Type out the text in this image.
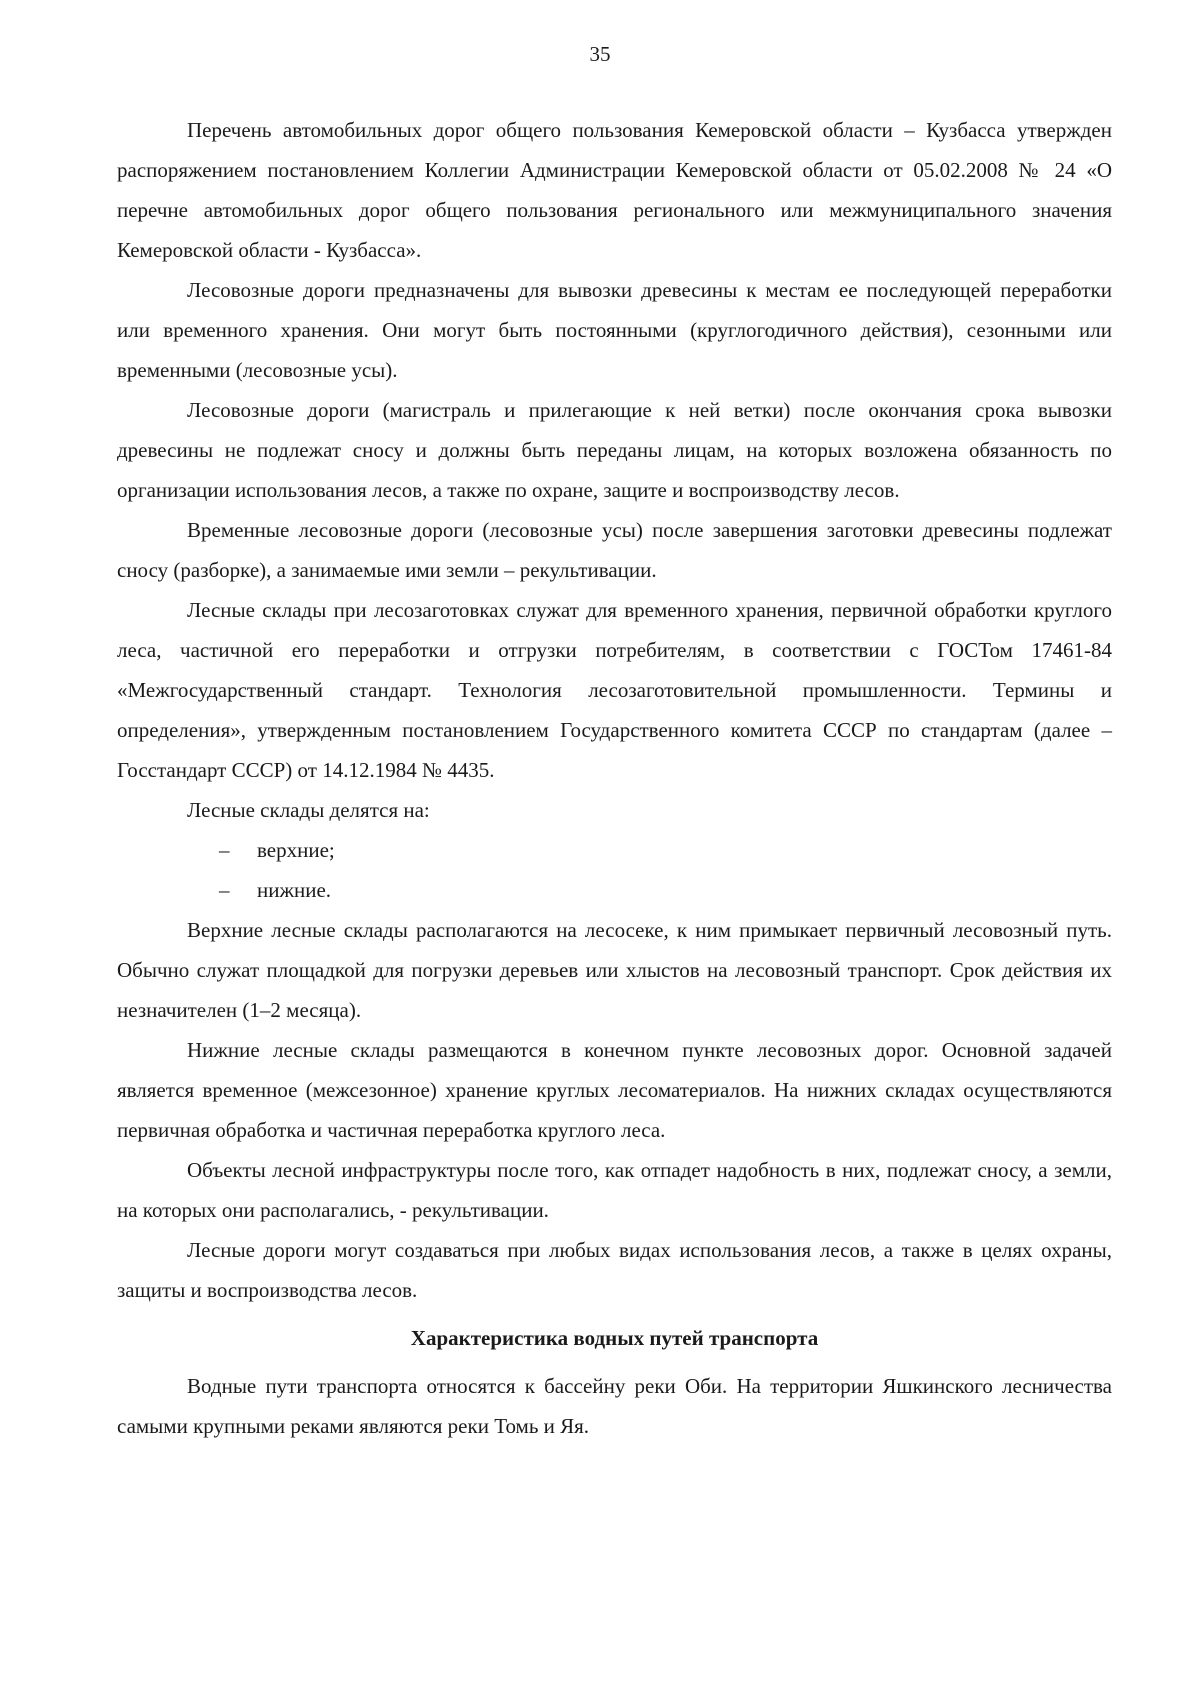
35

Перечень автомобильных дорог общего пользования Кемеровской области – Кузбасса утвержден распоряжением постановлением Коллегии Администрации Кемеровской области от 05.02.2008 № 24 «О перечне автомобильных дорог общего пользования регионального или межмуниципального значения Кемеровской области - Кузбасса».

Лесовозные дороги предназначены для вывозки древесины к местам ее последующей переработки или временного хранения. Они могут быть постоянными (круглогодичного действия), сезонными или временными (лесовозные усы).

Лесовозные дороги (магистраль и прилегающие к ней ветки) после окончания срока вывозки древесины не подлежат сносу и должны быть переданы лицам, на которых возложена обязанность по организации использования лесов, а также по охране, защите и воспроизводству лесов.

Временные лесовозные дороги (лесовозные усы) после завершения заготовки древесины подлежат сносу (разборке), а занимаемые ими земли – рекультивации.

Лесные склады при лесозаготовках служат для временного хранения, первичной обработки круглого леса, частичной его переработки и отгрузки потребителям, в соответствии с ГОСТом 17461-84 «Межгосударственный стандарт. Технология лесозаготовительной промышленности. Термины и определения», утвержденным постановлением Государственного комитета СССР по стандартам (далее – Госстандарт СССР) от 14.12.1984 № 4435.

Лесные склады делятся на:

– верхние;
– нижние.

Верхние лесные склады располагаются на лесосеке, к ним примыкает первичный лесовозный путь. Обычно служат площадкой для погрузки деревьев или хлыстов на лесовозный транспорт. Срок действия их незначителен (1–2 месяца).

Нижние лесные склады размещаются в конечном пункте лесовозных дорог. Основной задачей является временное (межсезонное) хранение круглых лесоматериалов. На нижних складах осуществляются первичная обработка и частичная переработка круглого леса.

Объекты лесной инфраструктуры после того, как отпадет надобность в них, подлежат сносу, а земли, на которых они располагались, - рекультивации.

Лесные дороги могут создаваться при любых видах использования лесов, а также в целях охраны, защиты и воспроизводства лесов.

Характеристика водных путей транспорта

Водные пути транспорта относятся к бассейну реки Оби. На территории Яшкинского лесничества самыми крупными реками являются реки Томь и Яя.
